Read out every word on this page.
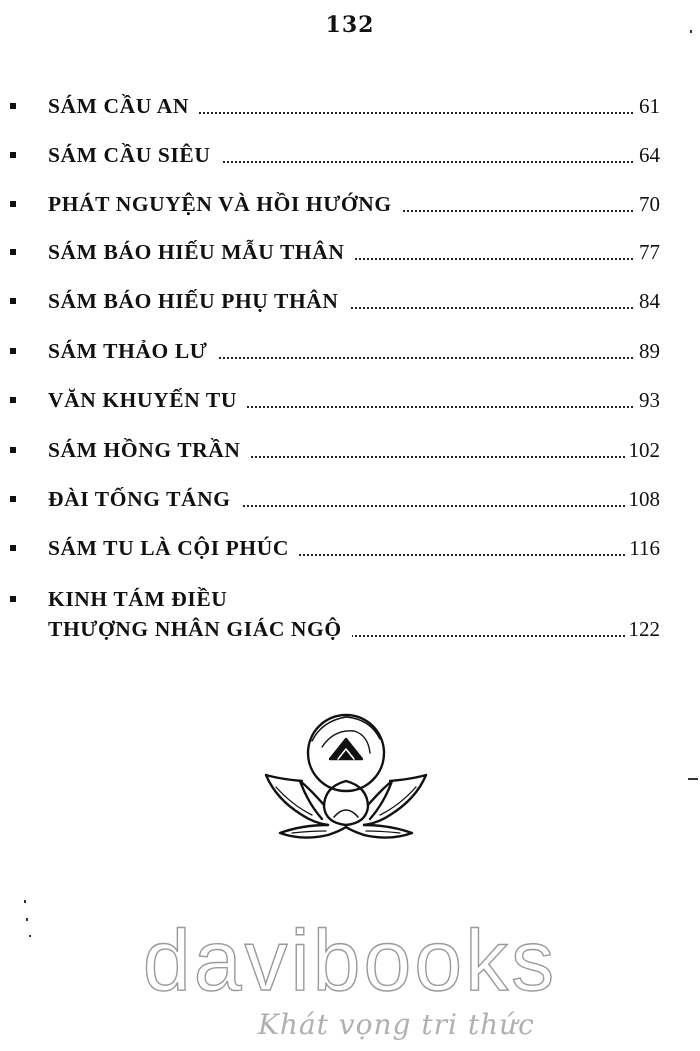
132
SÁM CẦU AN	61
SÁM CẦU SIÊU	64
PHÁT NGUYỆN VÀ HỒI HƯỚNG	70
SÁM BÁO HIẾU MẪU THÂN	77
SÁM BÁO HIẾU PHỤ THÂN	84
SÁM THẢO LƯ	89
VĂN KHUYẾN TU	93
SÁM HỒNG TRẦN	102
ĐÀI TỐNG TÁNG	108
SÁM TU LÀ CỘI PHÚC	116
KINH TÁM ĐIỀU
THƯỢNG NHÂN GIÁC NGỘ	122
davibooks
Khát vọng tri thức
